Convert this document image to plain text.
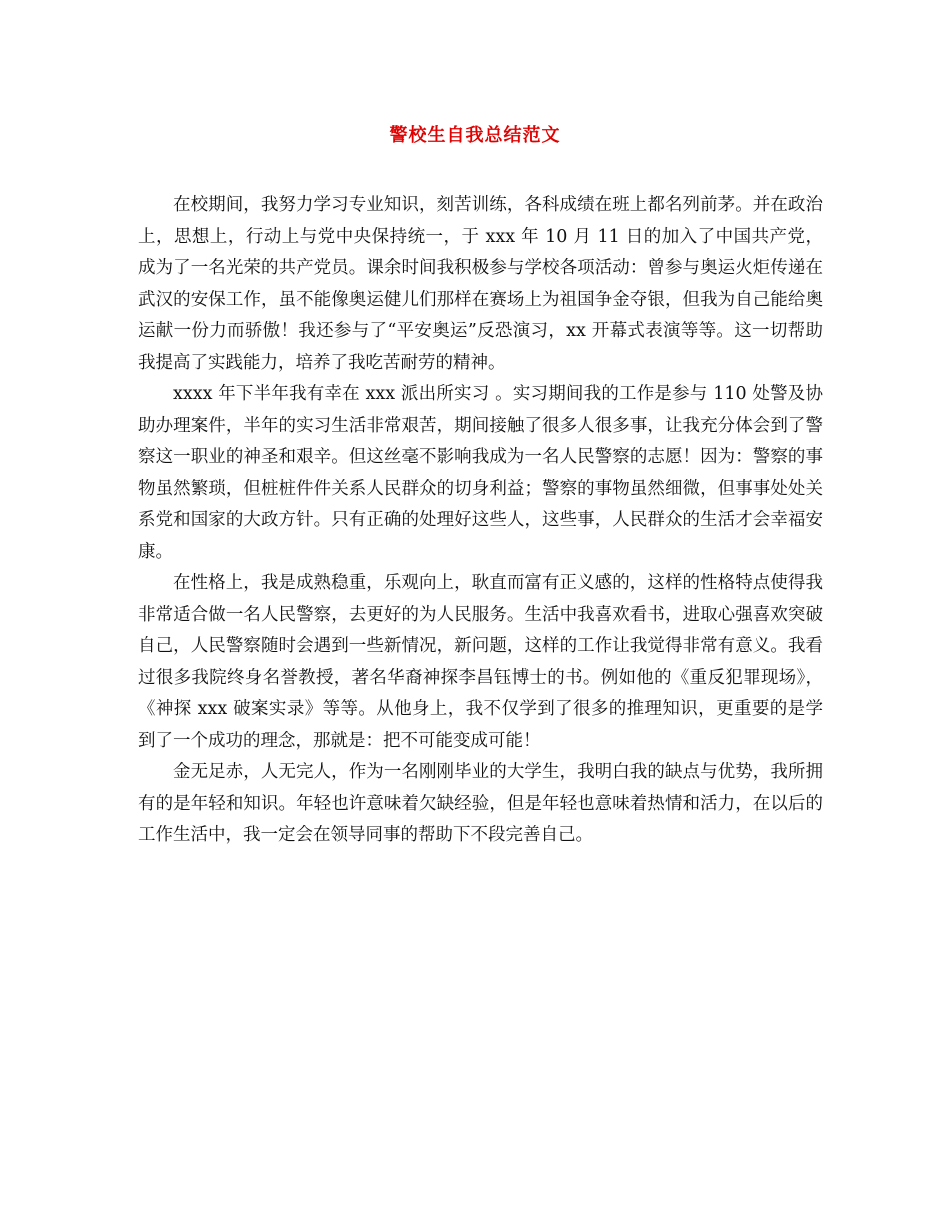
警校生自我总结范文

在校期间，我努力学习专业知识，刻苦训练，各科成绩在班上都名列前茅。并在政治上，思想上，行动上与党中央保持统一，于 xxx 年 10 月 11 日的加入了中国共产党，成为了一名光荣的共产党员。课余时间我积极参与学校各项活动：曾参与奥运火炬传递在武汉的安保工作，虽不能像奥运健儿们那样在赛场上为祖国争金夺银，但我为自己能给奥运献一份力而骄傲！我还参与了“平安奥运”反恐演习，xx 开幕式表演等等。这一切帮助我提高了实践能力，培养了我吃苦耐劳的精神。

xxxx 年下半年我有幸在 xxx 派出所实习 。实习期间我的工作是参与 110 处警及协助办理案件，半年的实习生活非常艰苦，期间接触了很多人很多事，让我充分体会到了警察这一职业的神圣和艰辛。但这丝毫不影响我成为一名人民警察的志愿！因为：警察的事物虽然繁琐，但桩桩件件关系人民群众的切身利益；警察的事物虽然细微，但事事处处关系党和国家的大政方针。只有正确的处理好这些人，这些事，人民群众的生活才会幸福安康。

在性格上，我是成熟稳重，乐观向上，耿直而富有正义感的，这样的性格特点使得我非常适合做一名人民警察，去更好的为人民服务。生活中我喜欢看书，进取心强喜欢突破自己，人民警察随时会遇到一些新情况，新问题，这样的工作让我觉得非常有意义。我看过很多我院终身名誉教授，著名华裔神探李昌钰博士的书。例如他的《重反犯罪现场》，《神探 xxx 破案实录》等等。从他身上，我不仅学到了很多的推理知识，更重要的是学到了一个成功的理念，那就是：把不可能变成可能！

金无足赤，人无完人，作为一名刚刚毕业的大学生，我明白我的缺点与优势，我所拥有的是年轻和知识。年轻也许意味着欠缺经验，但是年轻也意味着热情和活力，在以后的工作生活中，我一定会在领导同事的帮助下不段完善自己。
